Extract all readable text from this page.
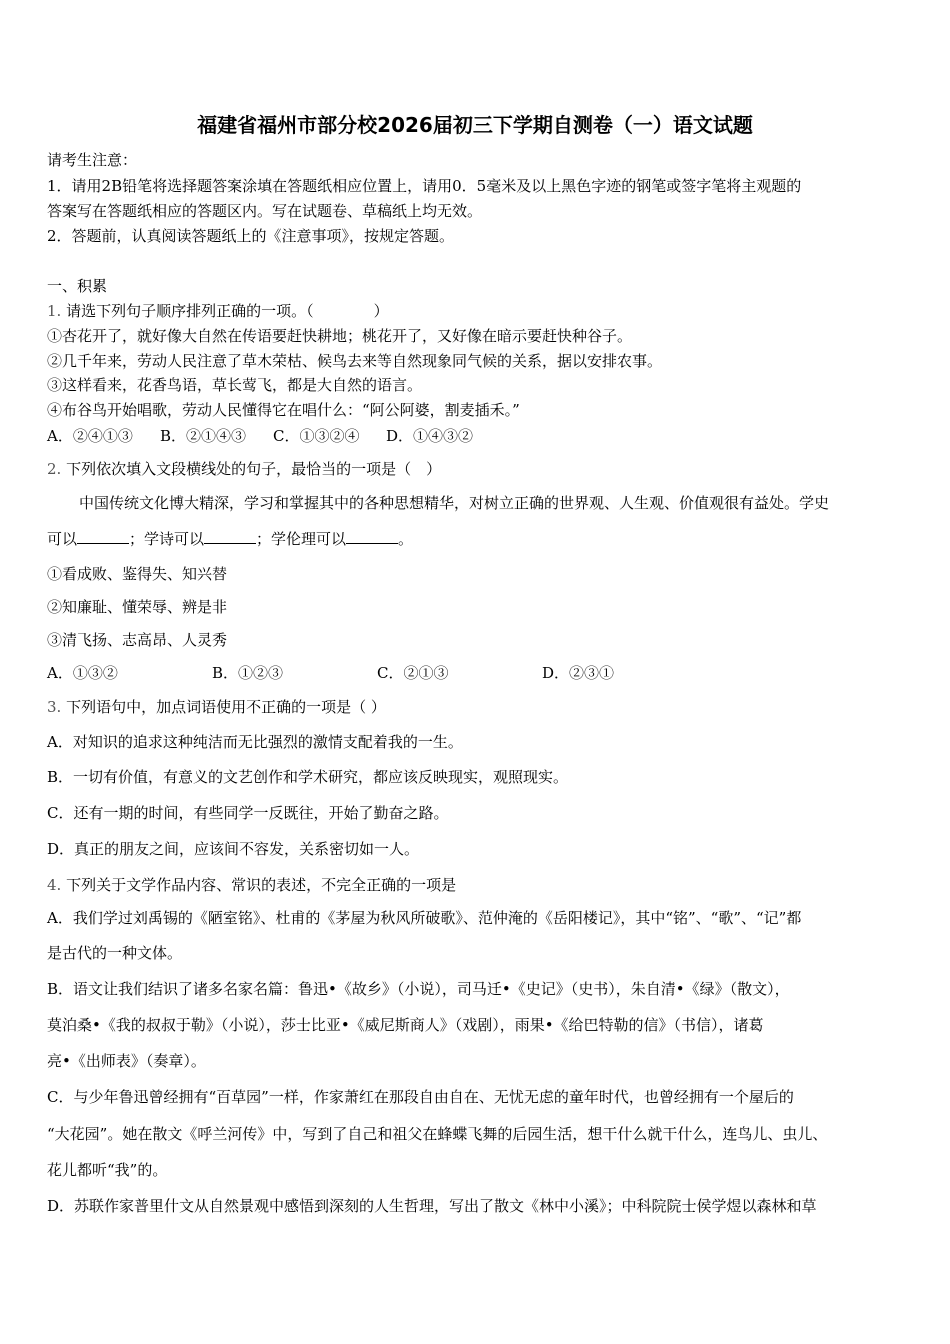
福建省福州市部分校2026届初三下学期自测卷（一）语文试题
请考生注意：
1．请用2B铅笔将选择题答案涂填在答题纸相应位置上，请用0．5毫米及以上黑色字迹的钢笔或签字笔将主观题的
答案写在答题纸相应的答题区内。写在试题卷、草稿纸上均无效。
2．答题前，认真阅读答题纸上的《注意事项》，按规定答题。
一、积累
1. 请选下列句子顺序排列正确的一项。（　　　　）
①杏花开了，就好像大自然在传语要赶快耕地；桃花开了，又好像在暗示要赶快种谷子。
②几千年来，劳动人民注意了草木荣枯、候鸟去来等自然现象同气候的关系，据以安排农事。
③这样看来，花香鸟语，草长莺飞，都是大自然的语言。
④布谷鸟开始唱歌，劳动人民懂得它在唱什么：“阿公阿婆，割麦插禾。”
A．②④①③ B．②①④③ C．①③②④ D．①④③②
2. 下列依次填入文段横线处的句子，最恰当的一项是（　）
中国传统文化博大精深，学习和掌握其中的各种思想精华，对树立正确的世界观、人生观、价值观很有益处。学史
可以	；学诗可以	；学伦理可以	。
①看成败、鉴得失、知兴替
②知廉耻、懂荣辱、辨是非
③清飞扬、志高昂、人灵秀
A．①③②	B．①②③	C．②①③	D．②③①
3. 下列语句中，加点词语使用不正确的一项是（ ）
A．对知识的追求这种纯洁而无比强烈的激情支配着我的一生。
B．一切有价值，有意义的文艺创作和学术研究，都应该反映现实，观照现实。
C．还有一期的时间，有些同学一反既往，开始了勤奋之路。
D．真正的朋友之间，应该间不容发，关系密切如一人。
4. 下列关于文学作品内容、常识的表述，不完全正确的一项是
A．我们学过刘禹锡的《陋室铭》、杜甫的《茅屋为秋风所破歌》、范仲淹的《岳阳楼记》，其中“铭”、“歌”、“记”都
是古代的一种文体。
B．语文让我们结识了诸多名家名篇：鲁迅•《故乡》（小说），司马迁•《史记》（史书），朱自清•《绿》（散文），
莫泊桑•《我的叔叔于勒》（小说），莎士比亚•《威尼斯商人》（戏剧），雨果•《给巴特勒的信》（书信），诸葛
亮•《出师表》（奏章）。
C．与少年鲁迅曾经拥有“百草园”一样，作家萧红在那段自由自在、无忧无虑的童年时代，也曾经拥有一个屋后的
“大花园”。她在散文《呼兰河传》中，写到了自己和祖父在蜂蝶飞舞的后园生活，想干什么就干什么，连鸟儿、虫儿、
花儿都听“我”的。
D．苏联作家普里什文从自然景观中感悟到深刻的人生哲理，写出了散文《林中小溪》；中科院院士侯学煜以森林和草
